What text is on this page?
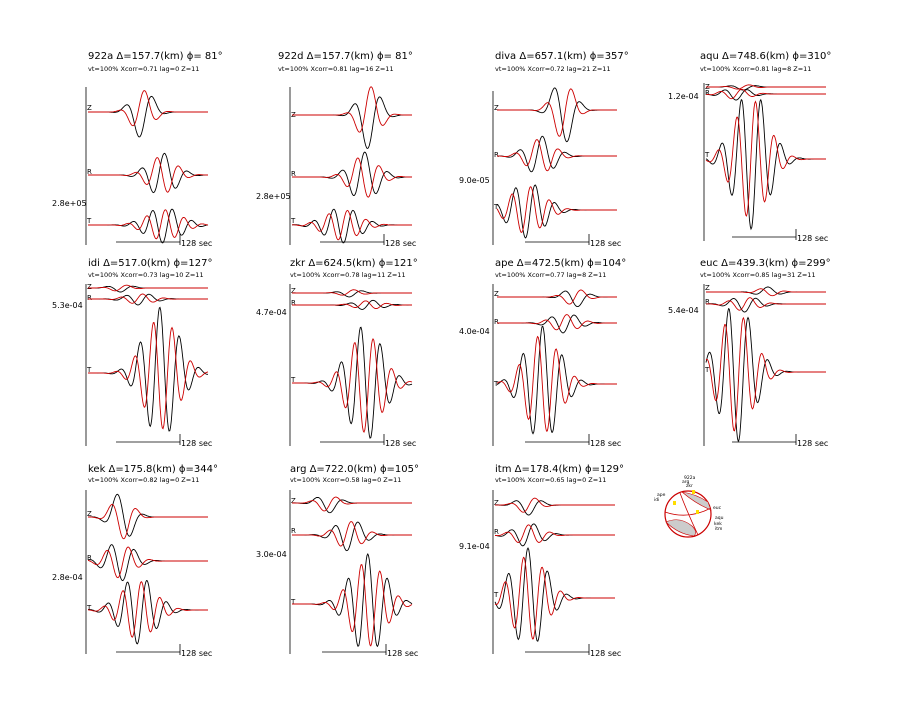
922a Δ=157.7(km) ϕ= 81°
vt=100% Xcorr=0.71 lag=0 Z=11
2.8e+05
Z
R
T
128 sec
922d Δ=157.7(km) ϕ= 81°
vt=100% Xcorr=0.81 lag=16 Z=11
2.8e+05
Z
R
T
128 sec
diva Δ=657.1(km) ϕ=357°
vt=100% Xcorr=0.72 lag=21 Z=11
9.0e-05
Z
R
T
128 sec
aqu Δ=748.6(km) ϕ=310°
vt=100% Xcorr=0.81 lag=8 Z=11
1.2e-04
Z
R
T
128 sec
idi Δ=517.0(km) ϕ=127°
vt=100% Xcorr=0.73 lag=10 Z=11
5.3e-04
Z
R
T
128 sec
zkr Δ=624.5(km) ϕ=121°
vt=100% Xcorr=0.78 lag=11 Z=11
4.7e-04
Z
R
T
128 sec
ape Δ=472.5(km) ϕ=104°
vt=100% Xcorr=0.77 lag=8 Z=11
4.0e-04
Z
R
T
128 sec
euc Δ=439.3(km) ϕ=299°
vt=100% Xcorr=0.85 lag=31 Z=11
5.4e-04
Z
R
T
128 sec
kek Δ=175.8(km) ϕ=344°
vt=100% Xcorr=0.82 lag=0 Z=11
2.8e-04
Z
R
T
128 sec
arg Δ=722.0(km) ϕ=105°
vt=100% Xcorr=0.58 lag=0 Z=11
3.0e-04
Z
R
T
128 sec
itm Δ=178.4(km) ϕ=129°
vt=100% Xcorr=0.65 lag=0 Z=11
9.1e-04
Z
R
T
128 sec
ape
idi
zkr
arg
euc
aqu
kek
itm
922a
